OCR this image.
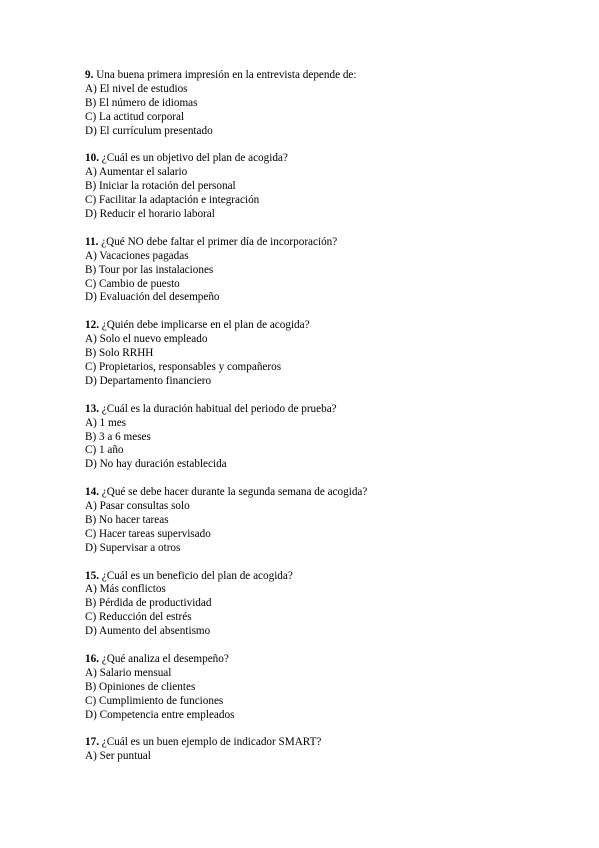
9. Una buena primera impresión en la entrevista depende de:
A) El nivel de estudios
B) El número de idiomas
C) La actitud corporal
D) El currículum presentado
10. ¿Cuál es un objetivo del plan de acogida?
A) Aumentar el salario
B) Iniciar la rotación del personal
C) Facilitar la adaptación e integración
D) Reducir el horario laboral
11. ¿Qué NO debe faltar el primer día de incorporación?
A) Vacaciones pagadas
B) Tour por las instalaciones
C) Cambio de puesto
D) Evaluación del desempeño
12. ¿Quién debe implicarse en el plan de acogida?
A) Solo el nuevo empleado
B) Solo RRHH
C) Propietarios, responsables y compañeros
D) Departamento financiero
13. ¿Cuál es la duración habitual del periodo de prueba?
A) 1 mes
B) 3 a 6 meses
C) 1 año
D) No hay duración establecida
14. ¿Qué se debe hacer durante la segunda semana de acogida?
A) Pasar consultas solo
B) No hacer tareas
C) Hacer tareas supervisado
D) Supervisar a otros
15. ¿Cuál es un beneficio del plan de acogida?
A) Más conflictos
B) Pérdida de productividad
C) Reducción del estrés
D) Aumento del absentismo
16. ¿Qué analiza el desempeño?
A) Salario mensual
B) Opiniones de clientes
C) Cumplimiento de funciones
D) Competencia entre empleados
17. ¿Cuál es un buen ejemplo de indicador SMART?
A) Ser puntual
